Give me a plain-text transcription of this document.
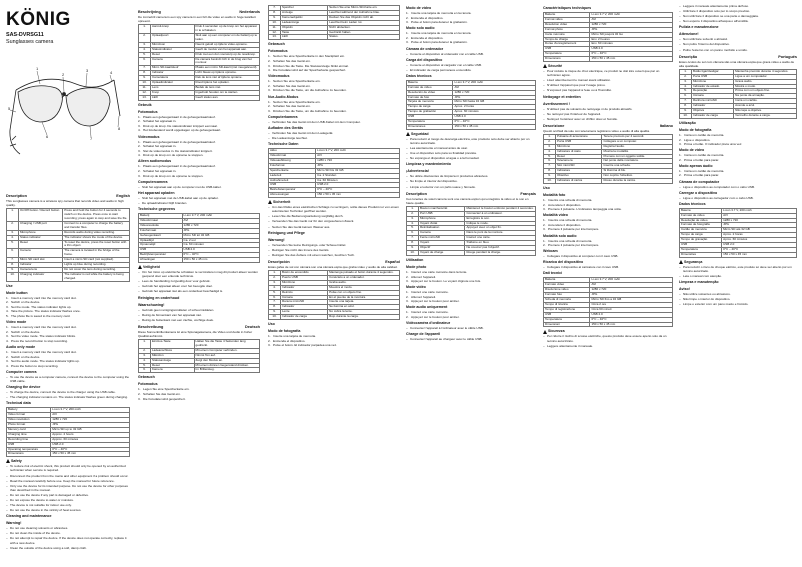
KÖNIG
SAS-DVRSG11
Sunglasses camera
1
2
3	4
5
6	7
8
Description	English
This sunglasses camera is a wireless spy camera that records video and audio in high quality.
1.	On/Off button / Record button	Press and hold the button for 4 seconds to switch on the device. Press once to start recording; press again to stop and save the file.
2.	Charging / USB port	Connect to a computer to charge the battery and transfer files.
3.	Microphone	Records audio during video recording.
4.	Status indicator	The indicator shows the mode of the device.
5.	Reset	To reset the device, press the reset button with a thin object.
6.	Camera	The camera is located in the bridge of the frame.
7.	Micro SD card slot	Insert a micro SD card (not supplied).
8.	Indicator	Lights up blue during recording.
9.	Camera lens	Do not cover the lens during recording.
10.	Charging indicator	The indicator is red while the battery is being charged.
Use
Mode button
1. Insert a memory card into the memory card slot.
2. Switch on the device.
3. Set the mode. The status indicator lights up.
4. Take the picture. The status indicator flashes once.
5. The photo file is saved to the memory card.
Video mode
1. Insert a memory card into the memory card slot.
2. Switch on the device.
3. Set the video mode. The status indicator blinks.
4. Press the record button to stop recording.
Audio only mode
1. Insert a memory card into the memory card slot.
2. Switch on the device.
3. Set the audio mode. The status indicator lights up.
4. Press the button to stop recording.
Computer camera
– To use the device as a computer camera, connect the device to the computer using the USB cable.
Charging the device
– To charge the device, connect the device to the charger using the USB cable.
– The charging indicator remains on. The status indicator flashes green during charging.
Technical data
Battery	Li-ion 3.7 V, 200 mAh
Video format	AVI
Video resolution	1280 x 720
Photo format	JPG
Memory card	Micro SD up to 32 GB
Charging time	Approx. 2 hours
Recording time	Approx. 60 minutes
USB	USB 2.0
Operating temperature	0°C – 40°C
Dimensions	150 x 50 x 45 mm
Safety
– To reduce risk of electric shock, this product should only be opened by an authorized technician when service is required.
– Disconnect the product from the mains and other equipment if a problem should occur.
– Read the manual carefully before use. Keep the manual for future reference.
– Only use the device for its intended purpose. Do not use the device for other purposes than described in the manual.
– Do not use the device if any part is damaged or defective.
– Do not expose the device to water or moisture.
– The device is not suitable for indoor use only.
– Do not use the device in the vicinity of heat sources.
Cleaning and maintenance
Warning!
– Do not use cleaning solvents or abrasives.
– Do not clean the inside of the device.
– Do not attempt to repair the device. If the device does not operate correctly, replace it with a new device.
– Clean the outside of the device using a soft, damp cloth.
Beschrijving	Nederlands
De zonnebril camera is een spy camera in een bril die video en audio in hoge kwaliteit opneemt.
1.	Aan/uit-knop	Druk 4 seconden op de knop om het apparaat in te schakelen.
2.	Oplaadpoort	Sluit aan op een computer om de batterij op te laden.
3.	Microfoon	Neemt geluid op tijdens video-opname.
4.	Statusindicator	Geeft de modus van het apparaat aan.
5.	Reset	Druk met een dun voorwerp op de resetknop.
6.	Camera	De camera bevindt zich in de brug van het montuur.
7.	Micro SD-kaartsleuf	Plaats een micro SD-kaart (niet meegeleverd).
8.	Indicator	Licht blauw op tijdens opname.
9.	Cameralens	Dek de lens niet af tijdens opname.
10.	Oplaadindicator	Rood tijdens het opladen.
11.	Lens	Bedek de lens niet.
12.	Knop	Ingedrukt houden om te starten.
13.	LED	Geeft status aan.
Gebruik
Fotomodus
1. Plaats een geheugenkaart in de geheugenkaartsleuf.
2. Schakel het apparaat in.
3. Druk op de knop. De statusindicator knippert eenmaal.
4. Het fotobestand wordt opgeslagen op de geheugenkaart.
Videomodus
1. Plaats een geheugenkaart in de geheugenkaartsleuf.
2. Schakel het apparaat in.
3. Stel de videomodus in. De statusindicator knippert.
4. Druk op de knop om de opname te stoppen.
Alleen audiomodus
1. Plaats een geheugenkaart in de geheugenkaartsleuf.
2. Schakel het apparaat in.
3. Druk op de knop om de opname te stoppen.
Computercamera
– Sluit het apparaat aan op de computer met de USB-kabel.
Het apparaat opladen
– Sluit het apparaat met de USB-kabel aan op de oplader.
– De oplaadindicator blijft branden.
Technische gegevens
Batterij	Li-ion 3.7 V, 200 mAh
Videoformaat	AVI
Videoresolutie	1280 x 720
Fotoformaat	JPG
Geheugenkaart	Micro SD tot 32 GB
Oplaadtijd	Ca. 2 uur
Opnametijd	Ca. 60 minuten
USB	USB 2.0
Bedrijfstemperatuur	0°C – 40°C
Afmetingen	150 x 50 x 45 mm
Veiligheid
– Om het risico op elektrische schokken te verminderen mag dit product alleen worden geopend door een erkende technicus.
– Lees de handleiding zorgvuldig door voor gebruik.
– Gebruik het apparaat alleen voor het beoogde doel.
– Gebruik het apparaat niet als een onderdeel beschadigd is.
Reiniging en onderhoud
Waarschuwing!
– Gebruik geen reinigingsmiddelen of schuurmiddelen.
– Reinig de binnenkant van het apparaat niet.
– Reinig de buitenkant met een zachte, vochtige doek.
Beschreibung	Deutsch
Diese Sonnenbrillenkamera ist eine Spionagekamera, die Video und Audio in hoher Qualität aufnimmt.
1.	Ein/Aus-Taste	Halten Sie die Taste 4 Sekunden lang gedrückt.
2.	Ladeanschluss	Mit einem Computer verbinden.
3.	Mikrofon	Nimmt Ton auf.
4.	Statusanzeige	Zeigt den Modus an.
5.	Reset	Mit einem dünnen Gegenstand drücken.
6.	Kamera	Im Brillensteg.
Gebrauch
Fotomodus
1. Legen Sie eine Speicherkarte ein.
2. Schalten Sie das Gerät ein.
3. Die Fotodatei wird gespeichert.
7.	Speicher	Setzen Sie eine Micro-SD-Karte ein.
8.	Anzeige	Leuchtet während der Aufnahme blau.
9.	Kameraobjektiv	Decken Sie das Objektiv nicht ab.
10.	Ladeanzeige	Leuchtet beim Laden rot.
11.	Objektiv	Nicht abdecken.
12.	Taste	Gedrückt halten.
13.	LED	Status.
Gebrauch
Fotomodus
1. Setzen Sie eine Speicherkarte in den Steckplatz ein.
2. Schalten Sie das Gerät ein.
3. Drücken Sie die Taste. Die Statusanzeige blinkt einmal.
4. Die Fotodatei wird auf der Speicherkarte gespeichert.
Videomodus
1. Setzen Sie eine Speicherkarte ein.
2. Schalten Sie das Gerät ein.
3. Drücken Sie die Taste, um die Aufnahme zu beenden.
Nur-Audio-Modus
1. Setzen Sie eine Speicherkarte ein.
2. Schalten Sie das Gerät ein.
3. Drücken Sie die Taste, um die Aufnahme zu beenden.
Computerkamera
– Verbinden Sie das Gerät mit dem USB-Kabel mit dem Computer.
Aufladen des Geräts
– Verbinden Sie das Gerät mit dem Ladegerät.
– Die Ladeanzeige leuchtet.
Technische Daten
Akku	Li-Ion 3.7 V, 200 mAh
Videoformat	AVI
Videoauflösung	1280 x 720
Fotoformat	JPG
Speicherkarte	Micro SD bis 32 GB
Ladezeit	Ca. 2 Stunden
Aufnahmezeit	Ca. 60 Minuten
USB	USB 2.0
Betriebstemperatur	0°C – 40°C
Abmessungen	150 x 50 x 45 mm
Sicherheit
– Um das Risiko eines elektrischen Schlags zu verringern, sollte dieses Produkt nur von einem autorisierten Techniker geöffnet werden.
– Lesen Sie die Bedienungsanleitung sorgfältig durch.
– Verwenden Sie das Gerät nur für den vorgesehenen Zweck.
– Setzen Sie das Gerät keinem Wasser aus.
Reinigung und Pflege
Warnung!
– Verwenden Sie keine Reinigungs- oder Scheuermittel.
– Reinigen Sie nicht das Innere des Geräts.
– Reinigen Sie das Äußere mit einem weichen, feuchten Tuch.
Descripción	Español
Estas gafas de sol con cámara son una cámara espía que graba vídeo y audio de alta calidad.
1.	Botón de encendido	Mantenga pulsado el botón durante 4 segundos.
2.	Puerto USB	Conéctelo a un ordenador.
3.	Micrófono	Graba audio.
4.	Indicador	Muestra el modo.
5.	Reinicio	Pulse con un objeto fino.
6.	Cámara	En el puente de la montura.
7.	Ranura microSD	Inserte una tarjeta.
8.	Indicador	Se ilumina en azul.
9.	Lente	No cubra la lente.
10.	Indicador de carga	Rojo durante la carga.
Uso
Modo de fotografía
1. Inserte una tarjeta de memoria.
2. Encienda el dispositivo.
3. Pulse el botón. El indicador parpadea una vez.
Modo de vídeo
1. Inserte una tarjeta de memoria en la ranura.
2. Encienda el dispositivo.
3. Pulse el botón para detener la grabación.
Modo solo audio
1. Inserte una tarjeta de memoria en la ranura.
2. Encienda el dispositivo.
3. Pulse el botón para detener la grabación.
Cámara de ordenador
– Conecte el dispositivo al ordenador con el cable USB.
Carga del dispositivo
– Conecte el dispositivo al cargador con el cable USB.
– El indicador de carga permanece encendido.
Datos técnicos
Batería	Li-ion 3.7 V, 200 mAh
Formato de vídeo	AVI
Resolución de vídeo	1280 x 720
Formato de foto	JPG
Tarjeta de memoria	Micro SD hasta 32 GB
Tiempo de carga	Aprox. 2 horas
Tiempo de grabación	Aprox. 60 minutos
USB	USB 2.0
Temperatura	0°C – 40°C
Dimensiones	150 x 50 x 45 mm
Seguridad
– Para reducir el riesgo de descarga eléctrica, este producto solo debe ser abierto por un técnico autorizado.
– Lea atentamente el manual antes de usar.
– Use el dispositivo solo para su finalidad prevista.
– No exponga el dispositivo al agua o a la humedad.
Limpieza y mantenimiento
¡Advertencia!
– No utilice disolventes de limpieza ni productos abrasivos.
– No limpie el interior del dispositivo.
– Limpie el exterior con un paño suave y húmedo.
Description	Français
Ces lunettes de soleil caméra sont une caméra espion qui enregistre la vidéo et le son en haute qualité.
1.	Bouton marche/arrêt	Maintenez le bouton enfoncé pendant 4 secondes.
2.	Port USB	Connectez à un ordinateur.
3.	Microphone	Enregistre le son.
4.	Voyant d'état	Indique le mode.
5.	Réinitialisation	Appuyez avec un objet fin.
6.	Caméra	Dans le pont de la monture.
7.	Fente microSD	Insérez une carte.
8.	Voyant	S'allume en bleu.
9.	Objectif	Ne couvrez pas l'objectif.
10.	Voyant de charge	Rouge pendant la charge.
Utilisation
Mode photo
1. Insérez une carte mémoire dans la fente.
2. Allumez l'appareil.
3. Appuyez sur le bouton. Le voyant clignote une fois.
Mode vidéo
1. Insérez une carte mémoire.
2. Allumez l'appareil.
3. Appuyez sur le bouton pour arrêter.
Mode audio uniquement
1. Insérez une carte mémoire.
2. Appuyez sur le bouton pour arrêter.
Vidéocaméra d'ordinateur
– Connectez l'appareil à l'ordinateur avec le câble USB.
Charge de l'appareil
– Connectez l'appareil au chargeur avec le câble USB.
Caractéristiques techniques
Batterie	Li-ion 3.7 V, 200 mAh
Format vidéo	AVI
Résolution vidéo	1280 x 720
Format photo	JPG
Carte mémoire	Micro SD jusqu'à 32 Go
Temps de charge	Env. 2 heures
Durée d'enregistrement	Env. 60 minutes
USB	USB 2.0
Température	0°C – 40°C
Dimensions	150 x 50 x 45 mm
Sécurité
– Pour réduire le risque de choc électrique, ce produit ne doit être ouvert que par un technicien agréé.
– Lisez attentivement le manuel avant utilisation.
– N'utilisez l'appareil que pour l'usage prévu.
– N'exposez pas l'appareil à l'eau ou à l'humidité.
Nettoyage et entretien
Avertissement !
– N'utilisez pas de solvants de nettoyage ni de produits abrasifs.
– Ne nettoyez pas l'intérieur de l'appareil.
– Nettoyez l'extérieur avec un chiffon doux et humide.
Descrizione	Italiano
Questi occhiali da sole con telecamera registrano video e audio di alta qualità.
1.	Pulsante di accensione	Tenere premuto per 4 secondi.
2.	Porta USB	Collegare a un computer.
3.	Microfono	Registra l'audio.
4.	Indicatore di stato	Mostra la modalità.
5.	Reset	Premere con un oggetto sottile.
6.	Telecamera	Nel ponte della montatura.
7.	Slot microSD	Inserire una scheda.
8.	Indicatore	Si illumina di blu.
9.	Obiettivo	Non coprire l'obiettivo.
10.	Indicatore di carica	Rosso durante la carica.
Uso
Modalità foto
1. Inserire una scheda di memoria.
2. Accendere il dispositivo.
3. Premere il pulsante. L'indicatore lampeggia una volta.
Modalità video
1. Inserire una scheda di memoria.
2. Accendere il dispositivo.
3. Premere il pulsante per interrompere.
Modalità solo audio
1. Inserire una scheda di memoria.
2. Premere il pulsante per interrompere.
Webcam
– Collegare il dispositivo al computer con il cavo USB.
Ricarica del dispositivo
– Collegare il dispositivo al caricatore con il cavo USB.
Dati tecnici
Batteria	Li-ion 3.7 V, 200 mAh
Formato video	AVI
Risoluzione video	1280 x 720
Formato foto	JPG
Scheda di memoria	Micro SD fino a 32 GB
Tempo di ricarica	Circa 2 ore
Tempo di registrazione	Circa 60 minuti
USB	USB 2.0
Temperatura	0°C – 40°C
Dimensioni	150 x 50 x 45 mm
Sicurezza
– Per ridurre il rischio di scosse elettriche, questo prodotto deve essere aperto solo da un tecnico autorizzato.
– Leggere attentamente il manuale.
– Leggere il manuale attentamente prima dell'uso.
– Utilizzare il dispositivo solo per lo scopo previsto.
– Non utilizzare il dispositivo se una parte è danneggiata.
– Non esporre il dispositivo all'acqua o all'umidità.
Pulizia e manutenzione
Attenzione!
– Non utilizzare solventi o abrasivi.
– Non pulire l'interno del dispositivo.
– Pulire l'esterno con un panno morbido e umido.
Descrição	Português
Estes óculos de sol com câmara são uma câmara espia que grava vídeo e áudio de alta qualidade.
1.	Botão ligar/desligar	Mantenha premido durante 4 segundos.
2.	Porta USB	Ligue a um computador.
3.	Microfone	Grava áudio.
4.	Indicador de estado	Mostra o modo.
5.	Reposição	Prima com um objeto fino.
6.	Câmara	Na ponte da armação.
7.	Ranhura microSD	Insira um cartão.
8.	Indicador	Acende a azul.
9.	Objetiva	Não tape a objetiva.
10.	Indicador de carga	Vermelho durante a carga.
Utilização
Modo de fotografia
1. Insira um cartão de memória.
2. Ligue o dispositivo.
3. Prima o botão. O indicador pisca uma vez.
Modo de vídeo
1. Insira um cartão de memória.
2. Prima o botão para parar.
Modo apenas áudio
1. Insira um cartão de memória.
2. Prima o botão para parar.
Câmara de computador
– Ligue o dispositivo ao computador com o cabo USB.
Carregar o dispositivo
– Ligue o dispositivo ao carregador com o cabo USB.
Dados técnicos
Bateria	Li-ion 3.7 V, 200 mAh
Formato de vídeo	AVI
Resolução de vídeo	1280 x 720
Formato de fotografia	JPG
Cartão de memória	Micro SD até 32 GB
Tempo de carga	Aprox. 2 horas
Tempo de gravação	Aprox. 60 minutos
USB	USB 2.0
Temperatura	0°C – 40°C
Dimensões	150 x 50 x 45 mm
Segurança
– Para reduzir o risco de choque elétrico, este produto só deve ser aberto por um técnico autorizado.
– Leia o manual com atenção.
Limpeza e manutenção
Aviso!
– Não utilize solventes ou abrasivos.
– Não limpe o interior do dispositivo.
– Limpe o exterior com um pano macio e húmido.
